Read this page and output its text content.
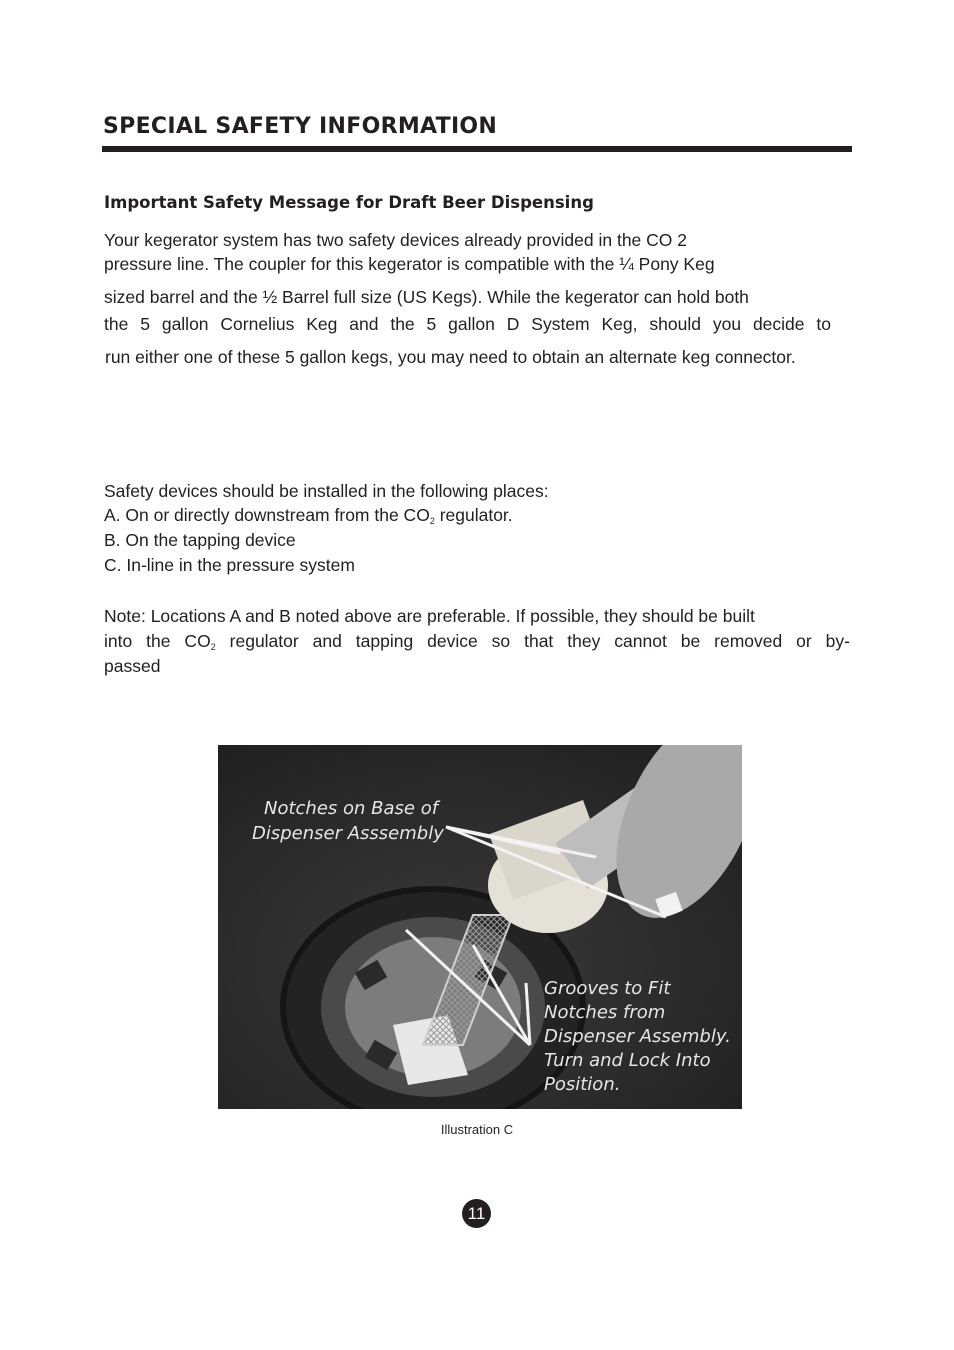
SPECIAL SAFETY INFORMATION
Important Safety Message for Draft Beer Dispensing
Your kegerator system has two safety devices already provided in the CO 2
pressure line. The coupler for this kegerator is compatible with the ¼ Pony Keg
sized barrel and the ½ Barrel full size (US Kegs). While the kegerator can hold both
the 5 gallon Cornelius Keg and the 5 gallon D System Keg, should you decide to
run either one of these 5 gallon kegs, you may need to obtain an alternate keg connector.
Safety devices should be installed in the following places:
A. On or directly downstream from the $CO_2$ regulator.
B. On the tapping device
C. In-line in the pressure system
Note: Locations A and B noted above are preferable. If possible, they should be built
into the $CO_2$ regulator and tapping device so that they cannot be removed or by-
passed
Notches on Base of
Dispenser Asssembly
Grooves to Fit
Notches from
Dispenser Assembly.
Turn and Lock Into
Position.
Illustration C
11
